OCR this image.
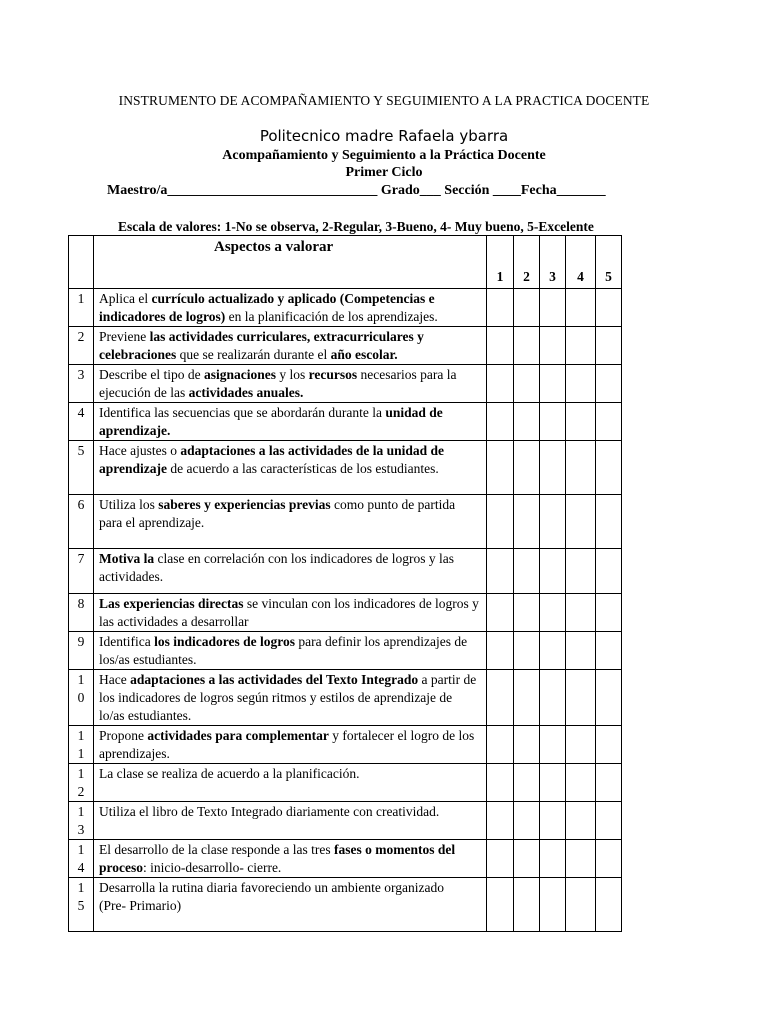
INSTRUMENTO DE ACOMPAÑAMIENTO Y SEGUIMIENTO A LA PRACTICA DOCENTE
Politecnico madre Rafaela ybarra
Acompañamiento y Seguimiento a la Práctica Docente
Primer Ciclo
Maestro/a______________________________ Grado___ Sección ____Fecha_______
Escala de valores: 1-No se observa, 2-Regular, 3-Bueno, 4- Muy bueno, 5-Excelente

	Aspectos a valorar	1	2	3	4	5
1	Aplica el currículo actualizado y aplicado (Competencias e indicadores de logros) en la planificación de los aprendizajes.					
2	Previene las actividades curriculares, extracurriculares y celebraciones que se realizarán durante el año escolar.					
3	Describe el tipo de asignaciones y los recursos necesarios para la ejecución de las actividades anuales.					
4	Identifica las secuencias que se abordarán durante la unidad de aprendizaje.					
5	Hace ajustes o adaptaciones a las actividades de la unidad de aprendizaje de acuerdo a las características de los estudiantes.					
6	Utiliza los saberes y experiencias previas como punto de partida para el aprendizaje.					
7	Motiva la clase en correlación con los indicadores de logros y las actividades.					
8	Las experiencias directas se vinculan con los indicadores de logros y las actividades a desarrollar					
9	Identifica los indicadores de logros para definir los aprendizajes de los/as estudiantes.					
10	Hace adaptaciones a las actividades del Texto Integrado a partir de los indicadores de logros según ritmos y estilos de aprendizaje de lo/as estudiantes.					
11	Propone actividades para complementar y fortalecer el logro de los aprendizajes.					
12	La clase se realiza de acuerdo a la planificación.					
13	Utiliza el libro de Texto Integrado diariamente con creatividad.					
14	El desarrollo de la clase responde a las tres fases o momentos del proceso: inicio-desarrollo- cierre.					
15	Desarrolla la rutina diaria favoreciendo un ambiente organizado
(Pre- Primario)					
